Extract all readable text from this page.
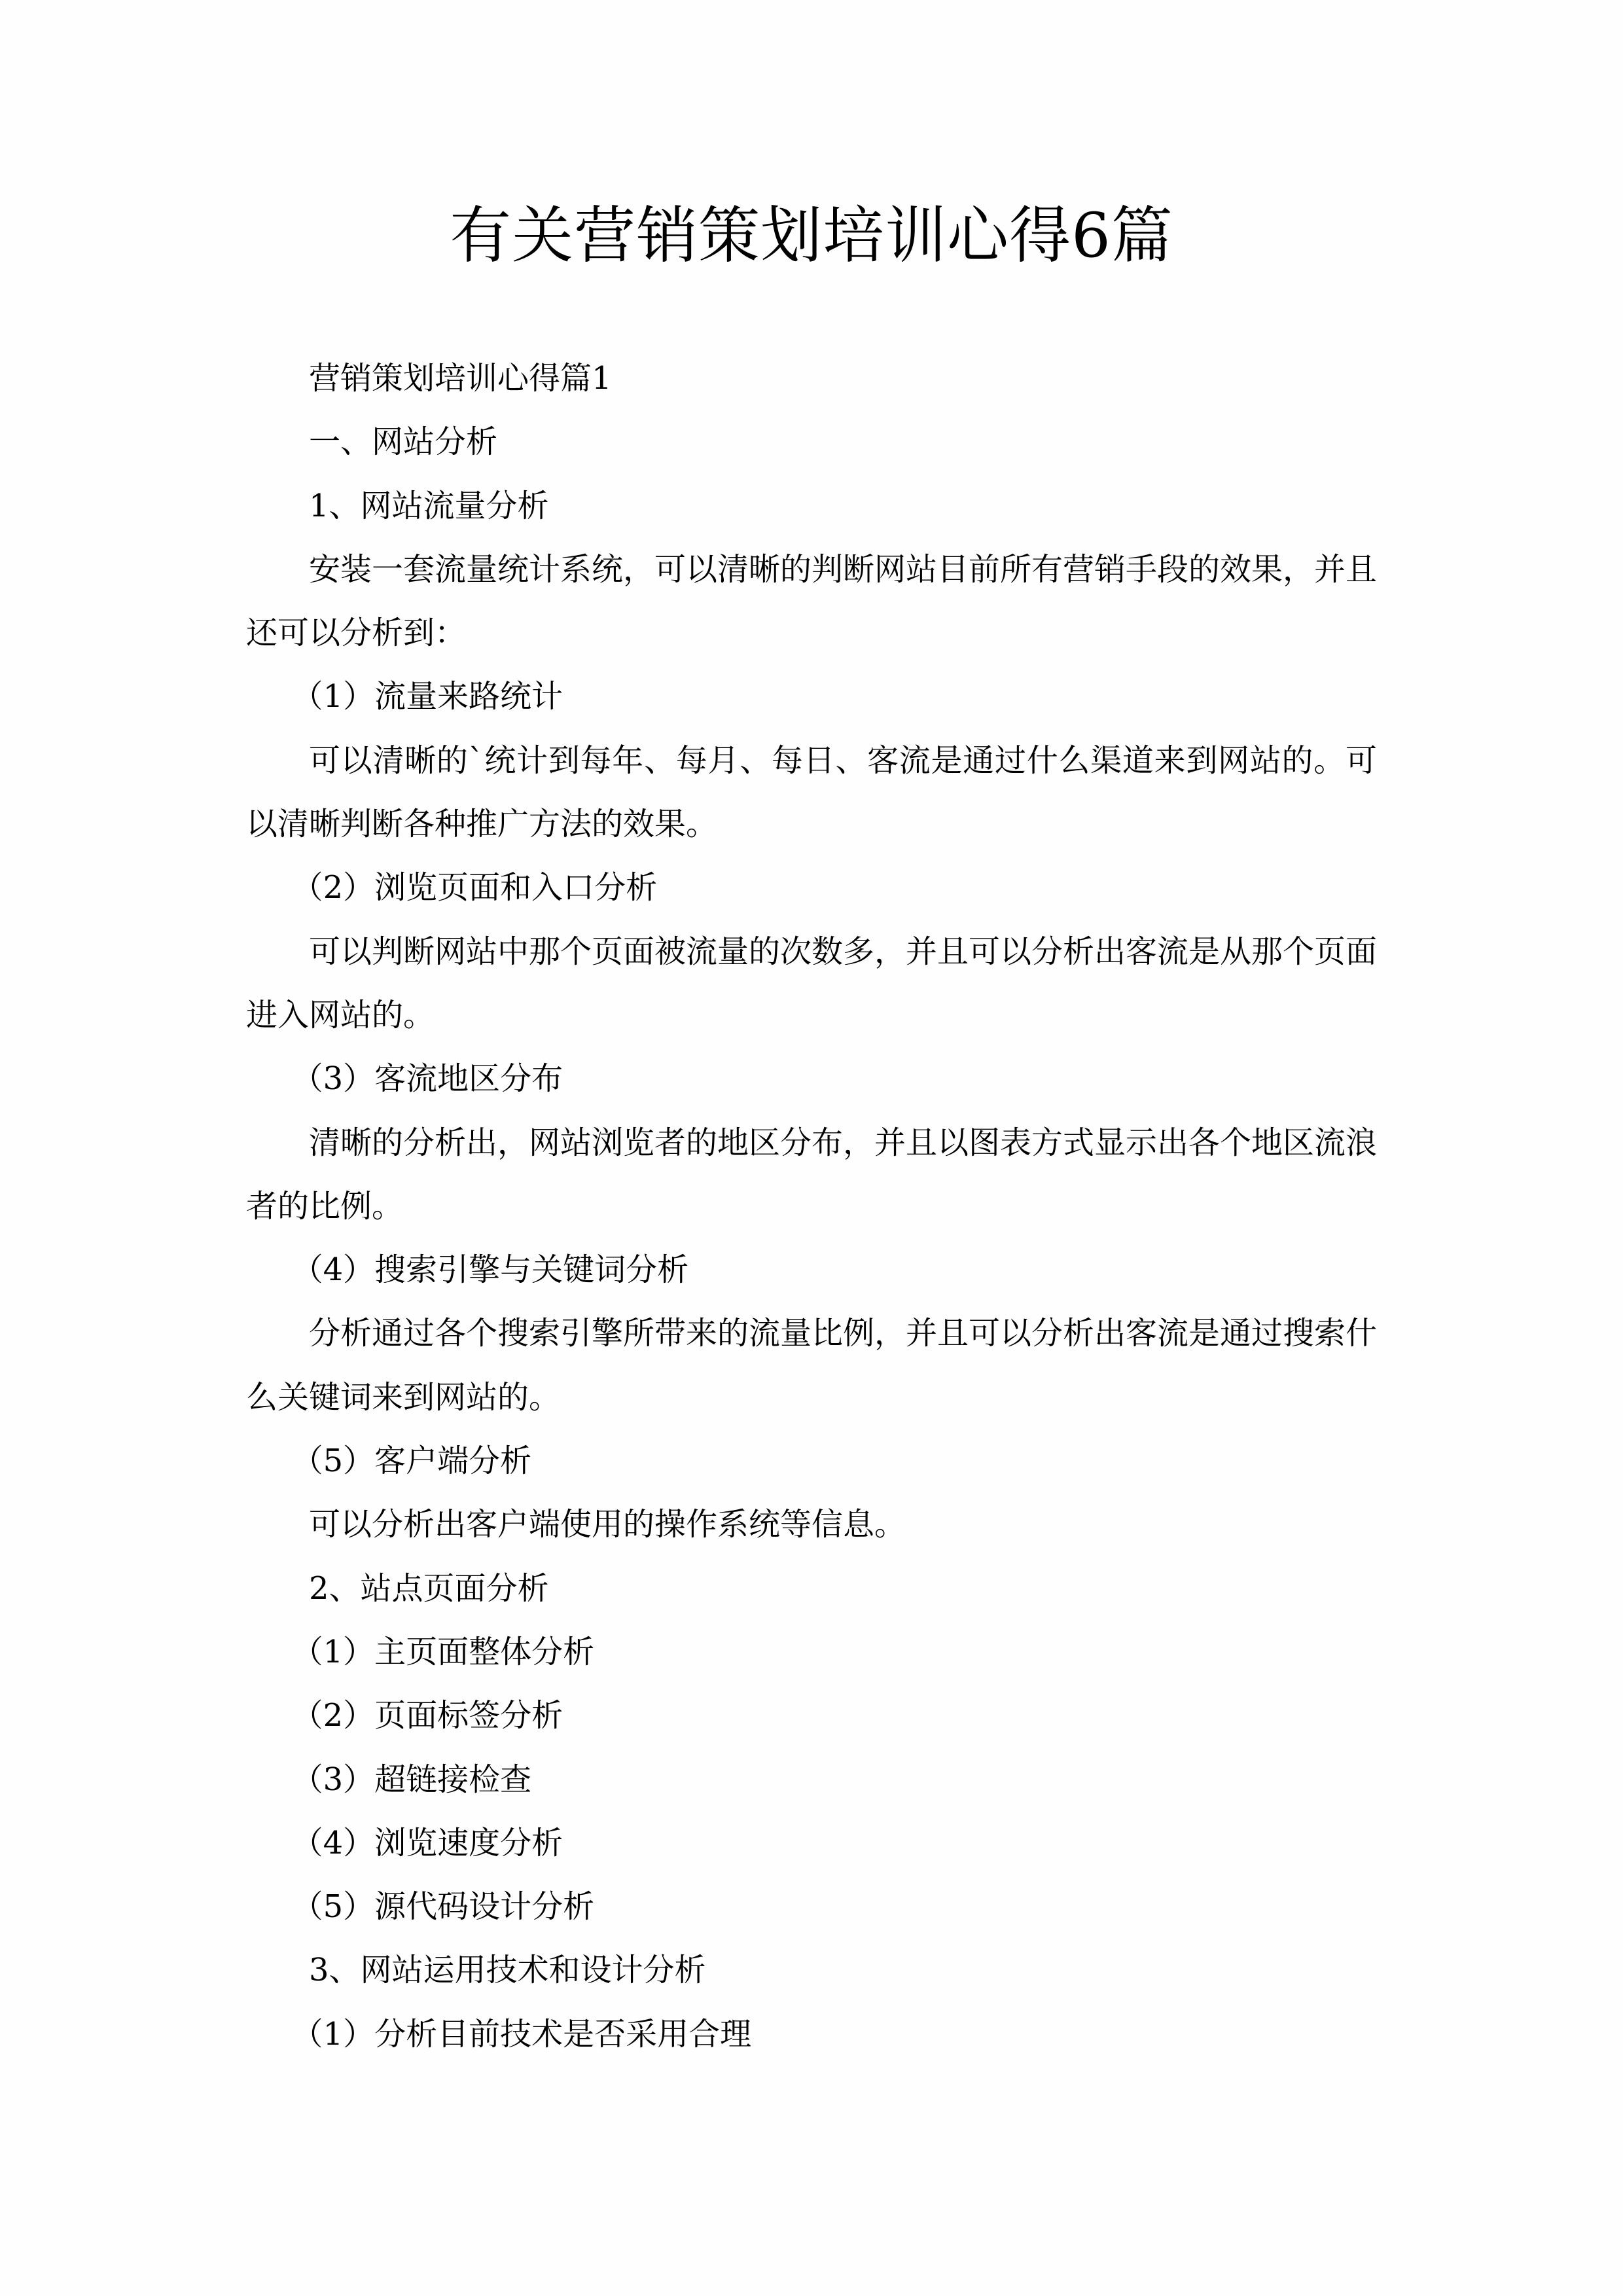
有关营销策划培训心得6篇

营销策划培训心得篇1

一、网站分析

1、网站流量分析

安装一套流量统计系统，可以清晰的判断网站目前所有营销手段的效果，并且还可以分析到：

（1）流量来路统计

可以清晰的`统计到每年、每月、每日、客流是通过什么渠道来到网站的。可以清晰判断各种推广方法的效果。

（2）浏览页面和入口分析

可以判断网站中那个页面被流量的次数多，并且可以分析出客流是从那个页面进入网站的。

（3）客流地区分布

清晰的分析出，网站浏览者的地区分布，并且以图表方式显示出各个地区流浪者的比例。

（4）搜索引擎与关键词分析

分析通过各个搜索引擎所带来的流量比例，并且可以分析出客流是通过搜索什么关键词来到网站的。

（5）客户端分析

可以分析出客户端使用的操作系统等信息。

2、站点页面分析

（1）主页面整体分析

（2）页面标签分析

（3）超链接检查

（4）浏览速度分析

（5）源代码设计分析

3、网站运用技术和设计分析

（1）分析目前技术是否采用合理
